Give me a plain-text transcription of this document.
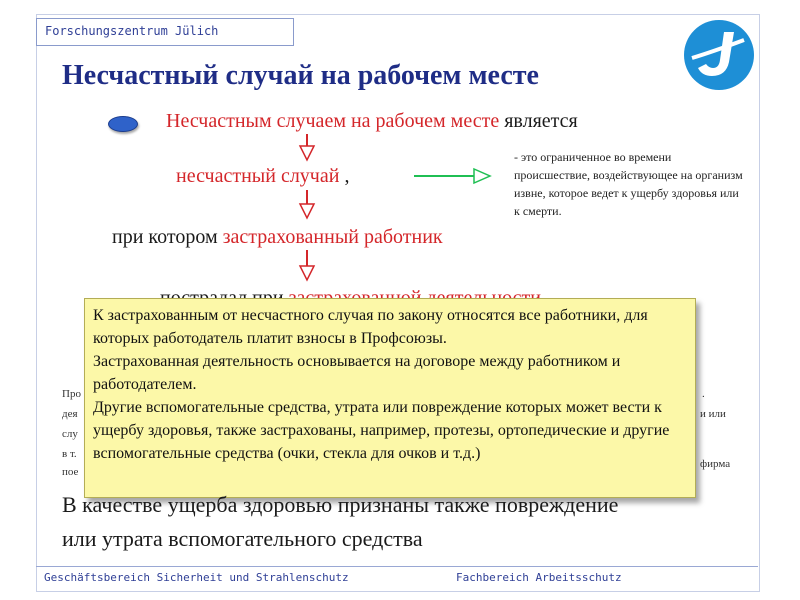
Forschungszentrum Jülich
Несчастный случай на рабочем месте
Несчастным случаем на рабочем месте является
несчастный случай ,
при котором застрахованный работник
- это ограниченное во времени происшествие, воздействующее на организм извне, которое ведет к ущербу здоровья или к смерти.
Про
дея
слу
в т.
пое
.
и или
фирма

К застрахованным от несчастного случая по закону относятся все работники, для которых работодатель платит взносы в Профсоюзы.

Застрахованная деятельность основывается на договоре между работником и работодателем.

Другие вспомогательные средства, утрата или повреждение которых может вести к ущербу здоровья, также застрахованы, например, протезы, ортопедические и другие вспомогательные средства (очки, стекла для очков и т.д.)

В качестве ущерба здоровью признаны также повреждение
или утрата вспомогательного средства
Geschäftsbereich Sicherheit und Strahlenschutz	Fachbereich Arbeitsschutz
